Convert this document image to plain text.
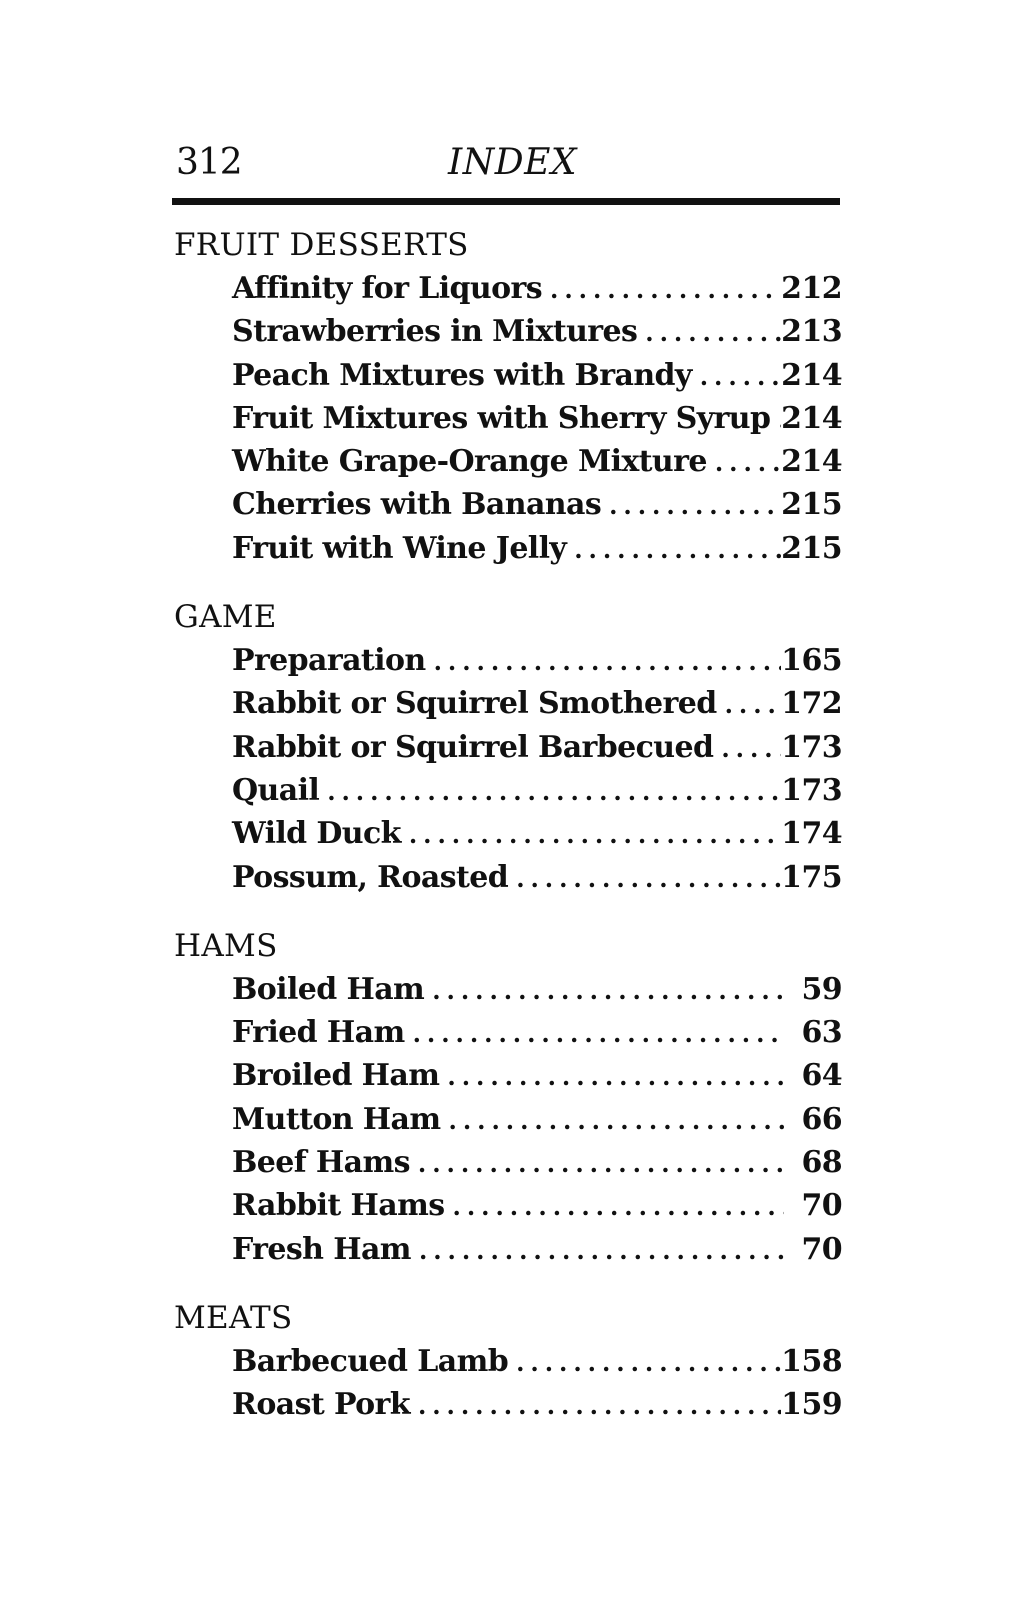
312	INDEX
FRUIT DESSERTS
Affinity for Liquors . . .	212
Strawberries in Mixtures . . .	213
Peach Mixtures with Brandy . . .	214
Fruit Mixtures with Sherry Syrup . . . 214
White Grape-Orange Mixture . . . 214
Cherries with Bananas . . .	215
Fruit with Wine Jelly . . .	215
GAME
Preparation . . .	165
Rabbit or Squirrel Smothered . . . 172
Rabbit or Squirrel Barbecued . . . 173
Quail . . .	173
Wild Duck . . .	174
Possum, Roasted . . .	175
HAMS
Boiled Ham . . .	59
Fried Ham . . .	63
Broiled Ham . . .	64
Mutton Ham . . .	66
Beef Hams . . .	68
Rabbit Hams . . .	70
Fresh Ham . . .	70
MEATS
Barbecued Lamb . . .	158
Roast Pork . . .	159
